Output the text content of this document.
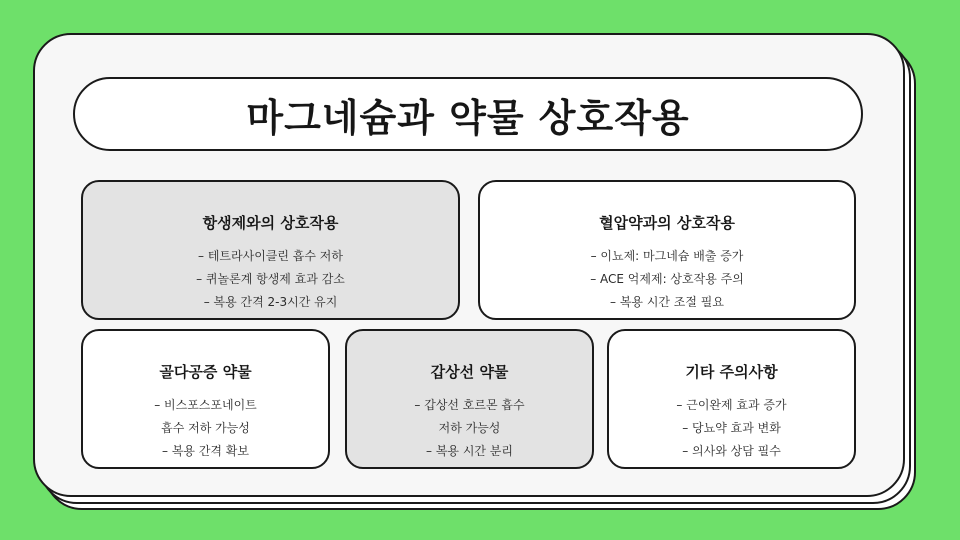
마그네슘과 약물 상호작용
항생제와의 상호작용
– 테트라사이클린 흡수 저하
– 퀴놀론계 항생제 효과 감소
– 복용 간격 2-3시간 유지
혈압약과의 상호작용
– 이뇨제: 마그네슘 배출 증가
– ACE 억제제: 상호작용 주의
– 복용 시간 조절 필요
골다공증 약물
– 비스포스포네이트
흡수 저하 가능성
– 복용 간격 확보
갑상선 약물
– 갑상선 호르몬 흡수
저하 가능성
– 복용 시간 분리
기타 주의사항
– 근이완제 효과 증가
– 당뇨약 효과 변화
– 의사와 상담 필수
